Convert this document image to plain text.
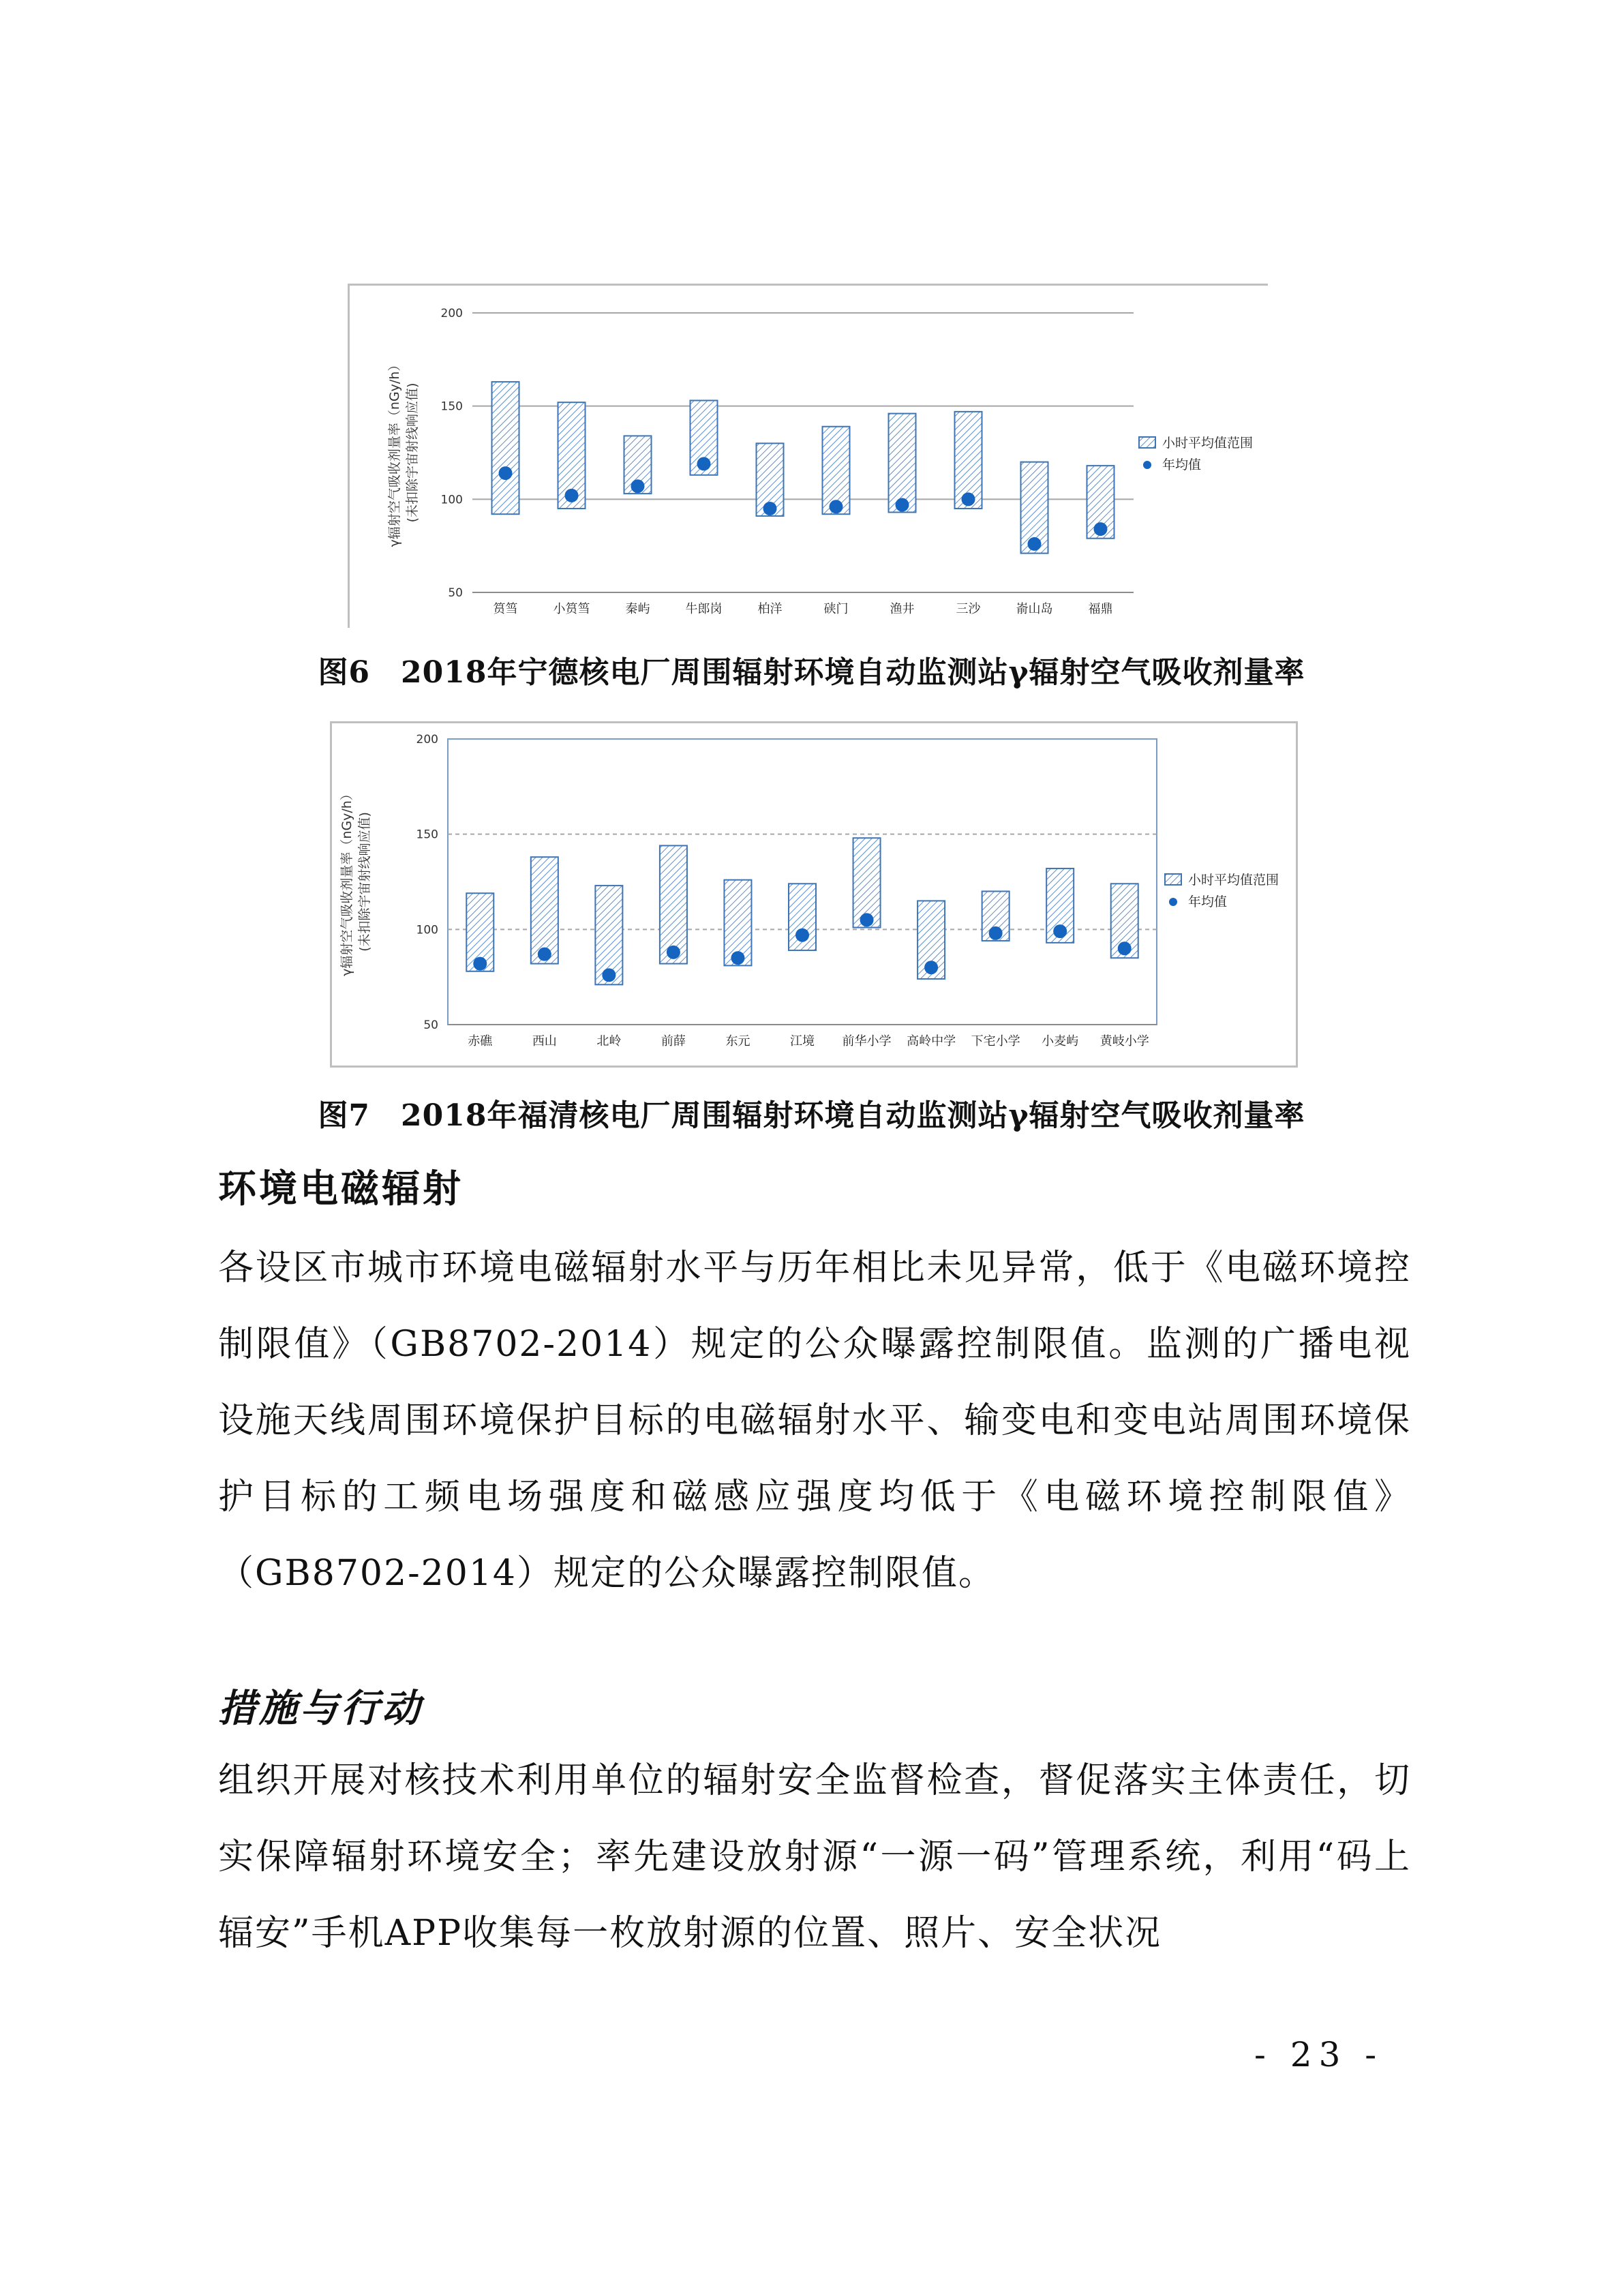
50
100
150
200
筼筜	小筼筜	秦屿	牛郎岗	柏洋	硖门	渔井	三沙	嵛山岛	福鼎
γ辐射空气吸收剂量率（nGy/h） (未扣除宇宙射线响应值)	小时平均值范围
年均值
图6　2018年宁德核电厂周围辐射环境自动监测站γ辐射空气吸收剂量率
50
100
150
200
赤礁	西山	北岭	前薛	东元	江境 前华小学 高岭中学 下宅小学 小麦屿 黄岐小学
γ辐射空气吸收剂量率（nGy/h） (未扣除宇宙射线响应值)	小时平均值范围
年均值
图7　2018年福清核电厂周围辐射环境自动监测站γ辐射空气吸收剂量率
环境电磁辐射
各设区市城市环境电磁辐射水平与历年相比未见异常，低于《电磁环境控制限值》（GB8702-2014）规定的公众曝露控制限值。监测的广播电视设施天线周围环境保护目标的电磁辐射水平、输变电和变电站周围环境保护目标的工频电场强度和磁感应强度均低于《电磁环境控制限值》（GB8702-2014）规定的公众曝露控制限值。
措施与行动
组织开展对核技术利用单位的辐射安全监督检查，督促落实主体责任，切实保障辐射环境安全；率先建设放射源“一源一码”管理系统，利用“码上辐安”手机APP收集每一枚放射源的位置、照片、安全状况
- 23 -
